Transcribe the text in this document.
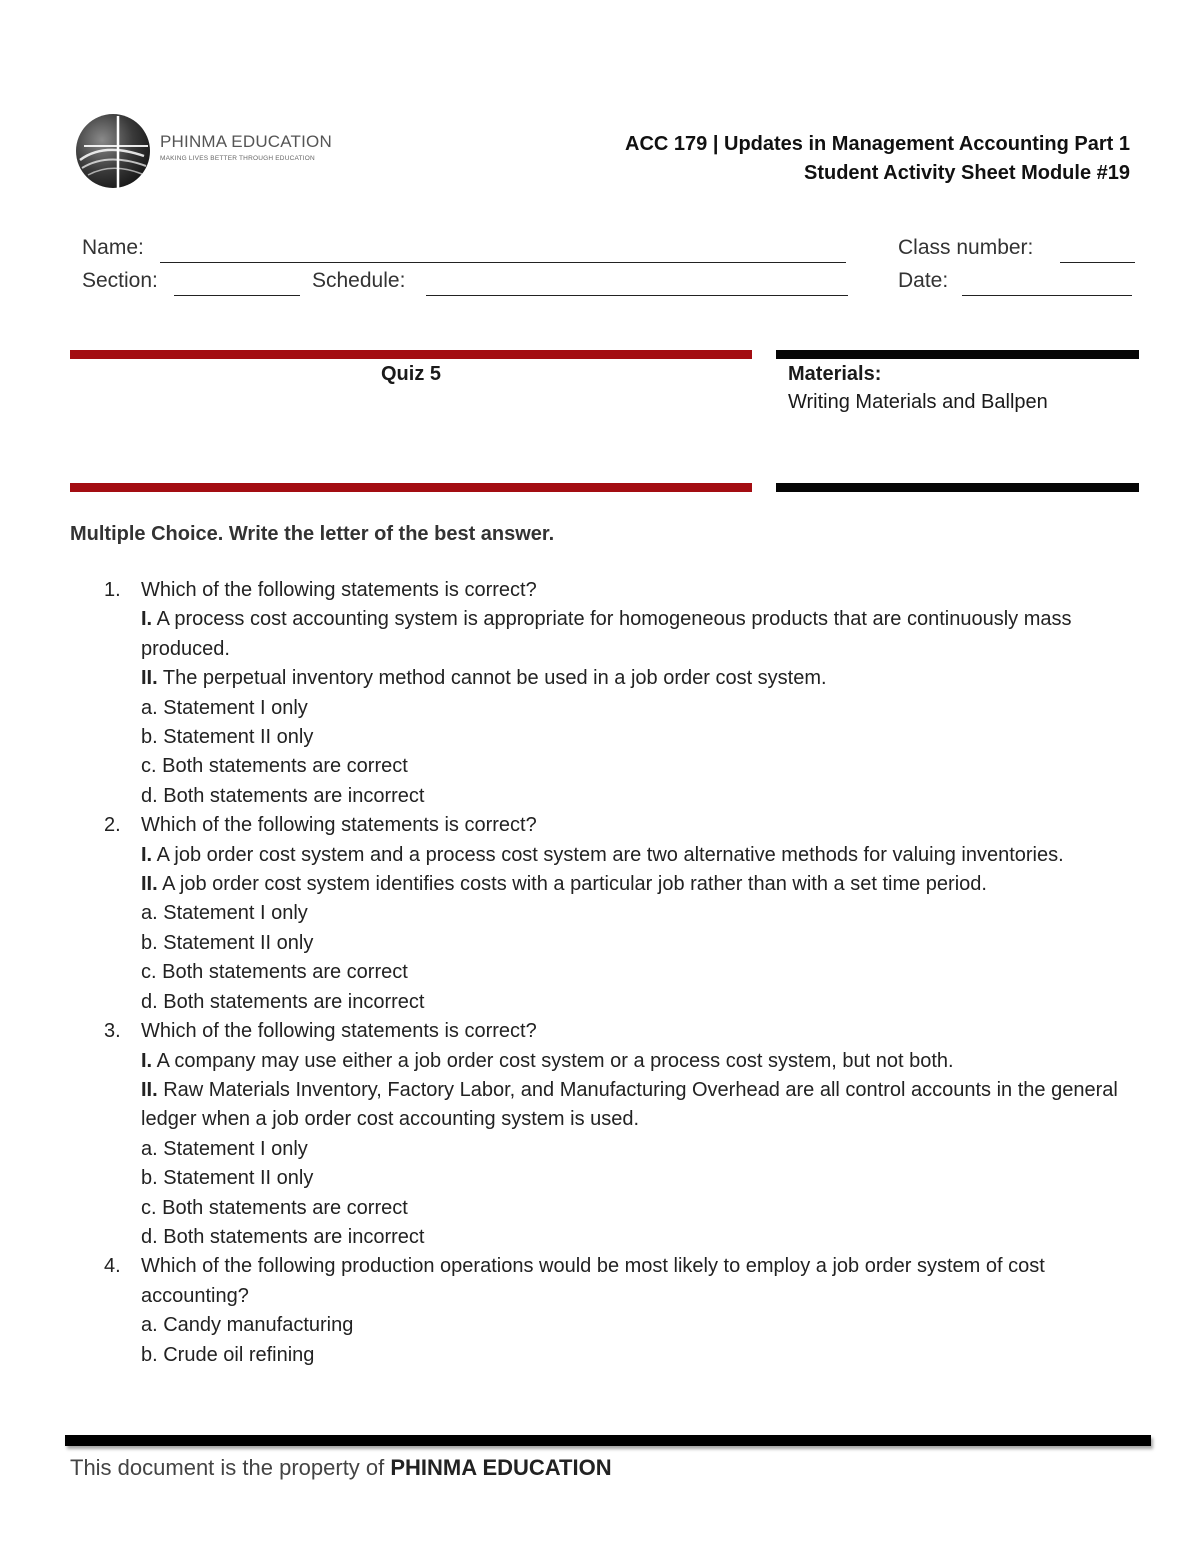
PHINMA EDUCATION
MAKING LIVES BETTER THROUGH EDUCATION
ACC 179 | Updates in Management Accounting Part 1
Student Activity Sheet Module #19
Name:	Class number:
Section:	Schedule:	Date:
Quiz 5	Materials:
Writing Materials and Ballpen
Multiple Choice. Write the letter of the best answer.
1. Which of the following statements is correct?
I. A process cost accounting system is appropriate for homogeneous products that are continuously mass produced.
II. The perpetual inventory method cannot be used in a job order cost system.
a. Statement I only
b. Statement II only
c. Both statements are correct
d. Both statements are incorrect
2. Which of the following statements is correct?
I. A job order cost system and a process cost system are two alternative methods for valuing inventories.
II. A job order cost system identifies costs with a particular job rather than with a set time period.
a. Statement I only
b. Statement II only
c. Both statements are correct
d. Both statements are incorrect
3. Which of the following statements is correct?
I. A company may use either a job order cost system or a process cost system, but not both.
II. Raw Materials Inventory, Factory Labor, and Manufacturing Overhead are all control accounts in the general ledger when a job order cost accounting system is used.
a. Statement I only
b. Statement II only
c. Both statements are correct
d. Both statements are incorrect
4. Which of the following production operations would be most likely to employ a job order system of cost accounting?
a. Candy manufacturing
b. Crude oil refining
This document is the property of PHINMA EDUCATION
